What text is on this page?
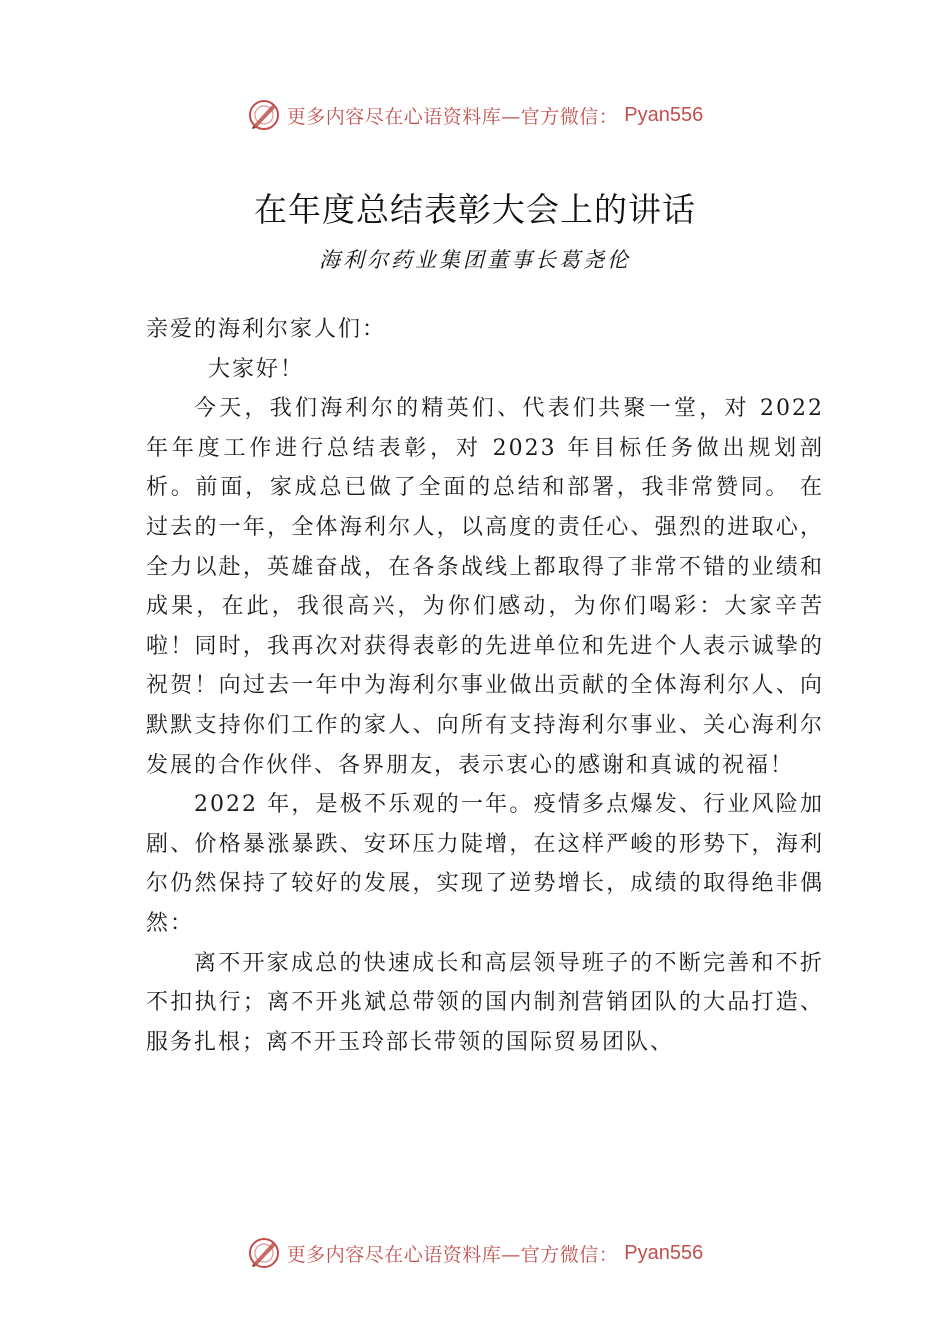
更多内容尽在心语资料库—官方微信： Pyan556
在年度总结表彰大会上的讲话
海利尔药业集团董事长葛尧伦

亲爱的海利尔家人们：

大家好！

今天，我们海利尔的精英们、代表们共聚一堂，对 2022 年年度工作进行总结表彰，对 2023 年目标任务做出规划剖析。前面，家成总已做了全面的总结和部署，我非常赞同。 在过去的一年，全体海利尔人，以高度的责任心、强烈的进取心，全力以赴，英雄奋战，在各条战线上都取得了非常不错的业绩和成果，在此，我很高兴，为你们感动，为你们喝彩：大家辛苦啦！同时，我再次对获得表彰的先进单位和先进个人表示诚挚的祝贺！向过去一年中为海利尔事业做出贡献的全体海利尔人、向默默支持你们工作的家人、向所有支持海利尔事业、关心海利尔发展的合作伙伴、各界朋友，表示衷心的感谢和真诚的祝福！

2022 年，是极不乐观的一年。疫情多点爆发、行业风险加剧、价格暴涨暴跌、安环压力陡增，在这样严峻的形势下，海利尔仍然保持了较好的发展，实现了逆势增长，成绩的取得绝非偶然：

离不开家成总的快速成长和高层领导班子的不断完善和不折不扣执行；离不开兆斌总带领的国内制剂营销团队的大品打造、服务扎根；离不开玉玲部长带领的国际贸易团队、

更多内容尽在心语资料库—官方微信： Pyan556
